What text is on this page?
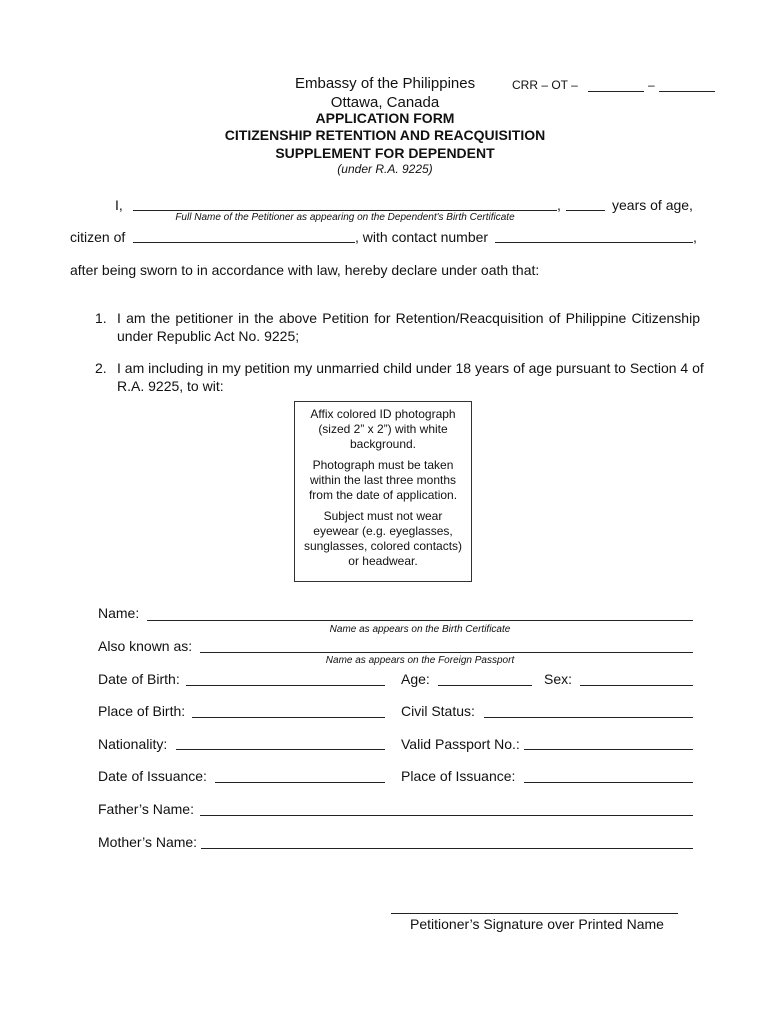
Embassy of the Philippines	CRR – OT –	–
Ottawa, Canada
APPLICATION FORM
CITIZENSHIP RETENTION AND REACQUISITION
SUPPLEMENT FOR DEPENDENT
(under R.A. 9225)
I,	,	years of age,
Full Name of the Petitioner as appearing on the Dependent's Birth Certificate
citizen of	, with contact number	,
after being sworn to in accordance with law, hereby declare under oath that:
1. I am the petitioner in the above Petition for Retention/Reacquisition of Philippine Citizenship
under Republic Act No. 9225;
2. I am including in my petition my unmarried child under 18 years of age pursuant to Section 4 of
R.A. 9225, to wit:

Affix colored ID photograph (sized 2” x 2”) with white background.

Photograph must be taken within the last three months from the date of application.

Subject must not wear eyewear (e.g. eyeglasses, sunglasses, colored contacts) or headwear.

Name:
Name as appears on the Birth Certificate
Also known as:
Name as appears on the Foreign Passport
Date of Birth:	Age:	Sex:
Place of Birth:	Civil Status:
Nationality:	Valid Passport No.:
Date of Issuance:	Place of Issuance:
Father’s Name:
Mother’s Name:
Petitioner’s Signature over Printed Name
